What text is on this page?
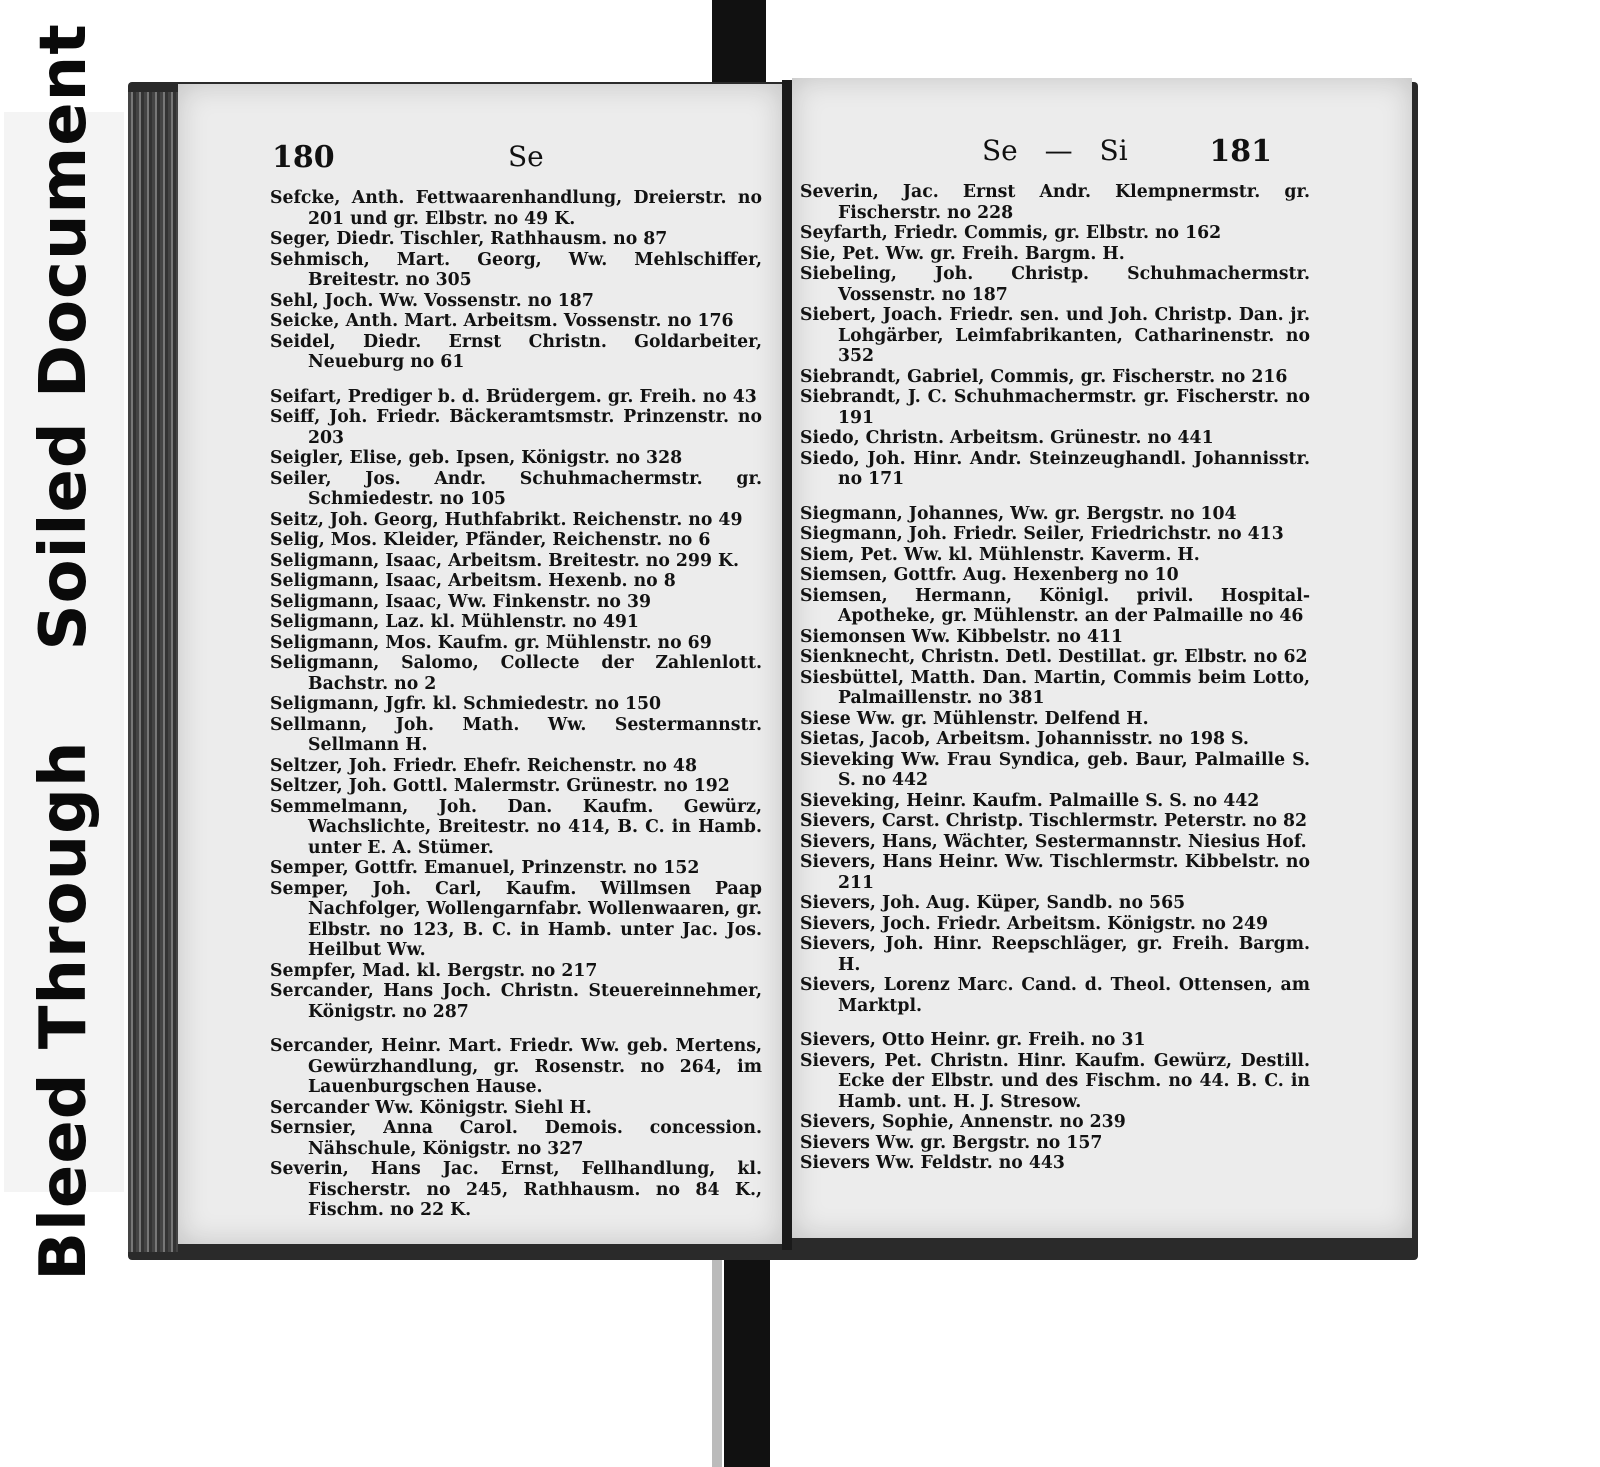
Bleed ThroughSoiled Document	180	Se
Sefcke, Anth. Fettwaarenhandlung, Dreierstr. no 201 und gr. Elbstr. no 49 K.
Seger, Diedr. Tischler, Rathhausm. no 87
Sehmisch, Mart. Georg, Ww. Mehlschiffer, Breitestr. no 305
Sehl, Joch. Ww. Vossenstr. no 187
Seicke, Anth. Mart. Arbeitsm. Vossenstr. no 176
Seidel, Diedr. Ernst Christn. Goldarbeiter, Neueburg no 61
Seifart, Prediger b. d. Brüdergem. gr. Freih. no 43
Seiff, Joh. Friedr. Bäckeramtsmstr. Prinzenstr. no 203
Seigler, Elise, geb. Ipsen, Königstr. no 328
Seiler, Jos. Andr. Schuhmachermstr. gr. Schmiedestr. no 105
Seitz, Joh. Georg, Huthfabrikt. Reichenstr. no 49
Selig, Mos. Kleider, Pfänder, Reichenstr. no 6
Seligmann, Isaac, Arbeitsm. Breitestr. no 299 K.
Seligmann, Isaac, Arbeitsm. Hexenb. no 8
Seligmann, Isaac, Ww. Finkenstr. no 39
Seligmann, Laz. kl. Mühlenstr. no 491
Seligmann, Mos. Kaufm. gr. Mühlenstr. no 69
Seligmann, Salomo, Collecte der Zahlenlott. Bachstr. no 2
Seligmann, Jgfr. kl. Schmiedestr. no 150
Sellmann, Joh. Math. Ww. Sestermannstr. Sellmann H.
Seltzer, Joh. Friedr. Ehefr. Reichenstr. no 48
Seltzer, Joh. Gottl. Malermstr. Grünestr. no 192
Semmelmann, Joh. Dan. Kaufm. Gewürz, Wachslichte, Breitestr. no 414, B. C. in Hamb. unter E. A. Stümer.
Semper, Gottfr. Emanuel, Prinzenstr. no 152
Semper, Joh. Carl, Kaufm. Willmsen Paap Nachfolger, Wollengarnfabr. Wollenwaaren, gr. Elbstr. no 123, B. C. in Hamb. unter Jac. Jos. Heilbut Ww.
Sempfer, Mad. kl. Bergstr. no 217
Sercander, Hans Joch. Christn. Steuereinnehmer, Königstr. no 287
Sercander, Heinr. Mart. Friedr. Ww. geb. Mertens, Gewürzhandlung, gr. Rosenstr. no 264, im Lauenburgschen Hause.
Sercander Ww. Königstr. Siehl H.
Sernsier, Anna Carol. Demois. concession. Nähschule, Königstr. no 327
Severin, Hans Jac. Ernst, Fellhandlung, kl. Fischerstr. no 245, Rathhausm. no 84 K., Fischm. no 22 K.
Se — Si	181
Severin, Jac. Ernst Andr. Klempnermstr. gr. Fischerstr. no 228
Seyfarth, Friedr. Commis, gr. Elbstr. no 162
Sie, Pet. Ww. gr. Freih. Bargm. H.
Siebeling, Joh. Christp. Schuhmachermstr. Vossenstr. no 187
Siebert, Joach. Friedr. sen. und Joh. Christp. Dan. jr. Lohgärber, Leimfabrikanten, Catharinenstr. no 352
Siebrandt, Gabriel, Commis, gr. Fischerstr. no 216
Siebrandt, J. C. Schuhmachermstr. gr. Fischerstr. no 191
Siedo, Christn. Arbeitsm. Grünestr. no 441
Siedo, Joh. Hinr. Andr. Steinzeughandl. Johannisstr. no 171
Siegmann, Johannes, Ww. gr. Bergstr. no 104
Siegmann, Joh. Friedr. Seiler, Friedrichstr. no 413
Siem, Pet. Ww. kl. Mühlenstr. Kaverm. H.
Siemsen, Gottfr. Aug. Hexenberg no 10
Siemsen, Hermann, Königl. privil. Hospital-Apotheke, gr. Mühlenstr. an der Palmaille no 46
Siemonsen Ww. Kibbelstr. no 411
Sienknecht, Christn. Detl. Destillat. gr. Elbstr. no 62
Siesbüttel, Matth. Dan. Martin, Commis beim Lotto, Palmaillenstr. no 381
Siese Ww. gr. Mühlenstr. Delfend H.
Sietas, Jacob, Arbeitsm. Johannisstr. no 198 S.
Sieveking Ww. Frau Syndica, geb. Baur, Palmaille S. S. no 442
Sieveking, Heinr. Kaufm. Palmaille S. S. no 442
Sievers, Carst. Christp. Tischlermstr. Peterstr. no 82
Sievers, Hans, Wächter, Sestermannstr. Niesius Hof.
Sievers, Hans Heinr. Ww. Tischlermstr. Kibbelstr. no 211
Sievers, Joh. Aug. Küper, Sandb. no 565
Sievers, Joch. Friedr. Arbeitsm. Königstr. no 249
Sievers, Joh. Hinr. Reepschläger, gr. Freih. Bargm. H.
Sievers, Lorenz Marc. Cand. d. Theol. Ottensen, am Marktpl.
Sievers, Otto Heinr. gr. Freih. no 31
Sievers, Pet. Christn. Hinr. Kaufm. Gewürz, Destill. Ecke der Elbstr. und des Fischm. no 44. B. C. in Hamb. unt. H. J. Stresow.
Sievers, Sophie, Annenstr. no 239
Sievers Ww. gr. Bergstr. no 157
Sievers Ww. Feldstr. no 443
